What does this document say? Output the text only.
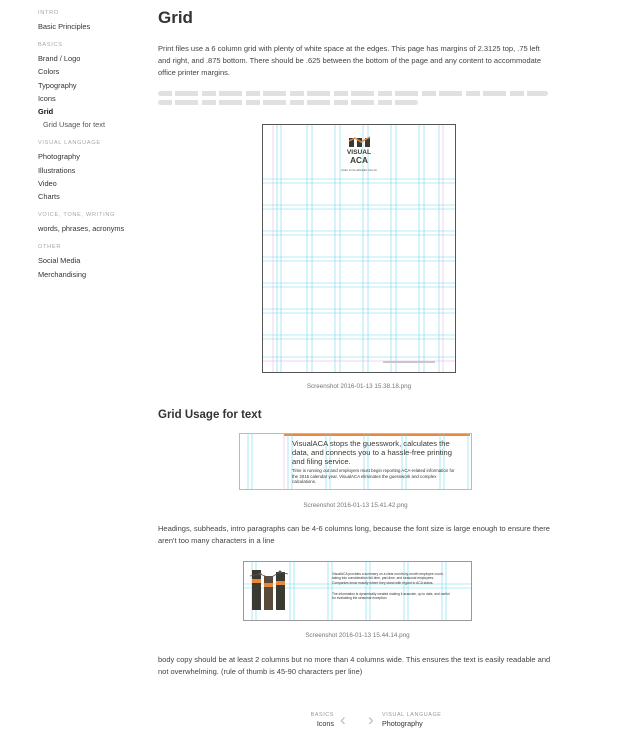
INTRO
Basic Principles
BASICS
Brand / Logo
Colors
Typography
Icons
Grid
Grid Usage for text
VISUAL LANGUAGE
Photography
Illustrations
Video
Charts
VOICE, TONE, WRITING
words, phrases, acronyms
OTHER
Social Media
Merchandising
Grid

Print files use a 6 column grid with plenty of white space at the edges. This page has margins of 2.3125 top, .75 left and right, and .875 bottom. There should be .625 between the bottom of the page and any content to accommodate office printer margins.

VISUAL
ACA
Insider for the Affordable Care Act
Screenshot 2016-01-13 15.38.18.png
Grid Usage for text
VisualACA stops the guesswork, calculates the data, and connects you to a hassle-free printing and filing service.
Time is running out and employers must begin reporting ACA-related information for the 2015 calendar year. VisualACA eliminates the guesswork and complex calculations.
Screenshot 2016-01-13 15.41.42.png

Headings, subheads, intro paragraphs can be 4-6 columns long, because the font size is large enough to ensure there aren't too many characters in a line

VisualACA provides a summary on a clear month-by-month employee count, taking into consideration full-time, part-time, and seasonal employees. Companies know exactly where they stand with regard to ACA status.
The information is dynamically created making it accurate, up to date, and useful for evaluating the seasonal exception.
Screenshot 2016-01-13 15.44.14.png

body copy should be at least 2 columns but no more than 4 columns wide. This ensures the text is easily readable and not overwhelming. (rule of thumb is 45-90 characters per line)

BASICS
Icons ‹ › VISUAL LANGUAGE
Photography
